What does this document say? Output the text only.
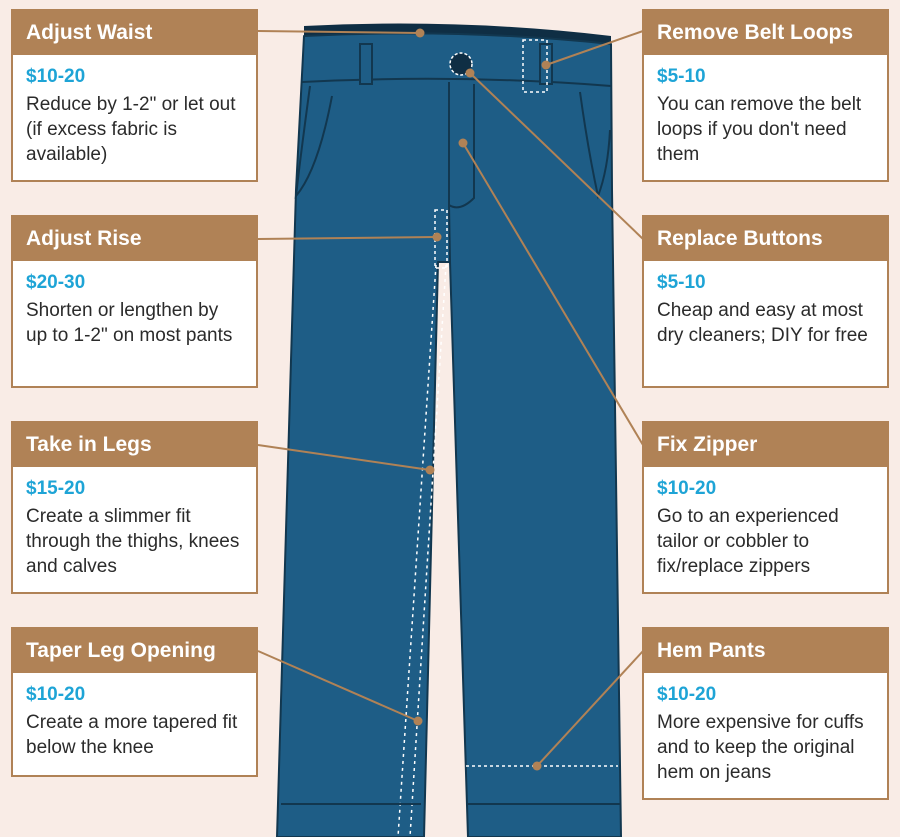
Adjust Waist
$10-20
Reduce by 1-2" or let out (if excess fabric is available)
Adjust Rise
$20-30
Shorten or lengthen by up to 1-2" on most pants
Take in Legs
$15-20
Create a slimmer fit through the thighs, knees and calves
Taper Leg Opening
$10-20
Create a more tapered fit below the knee
Remove Belt Loops
$5-10
You can remove the belt loops if you don't need them
Replace Buttons
$5-10
Cheap and easy at most dry cleaners; DIY for free
Fix Zipper
$10-20
Go to an experienced tailor or cobbler to fix/replace zippers
Hem Pants
$10-20
More expensive for cuffs and to keep the original hem on jeans
